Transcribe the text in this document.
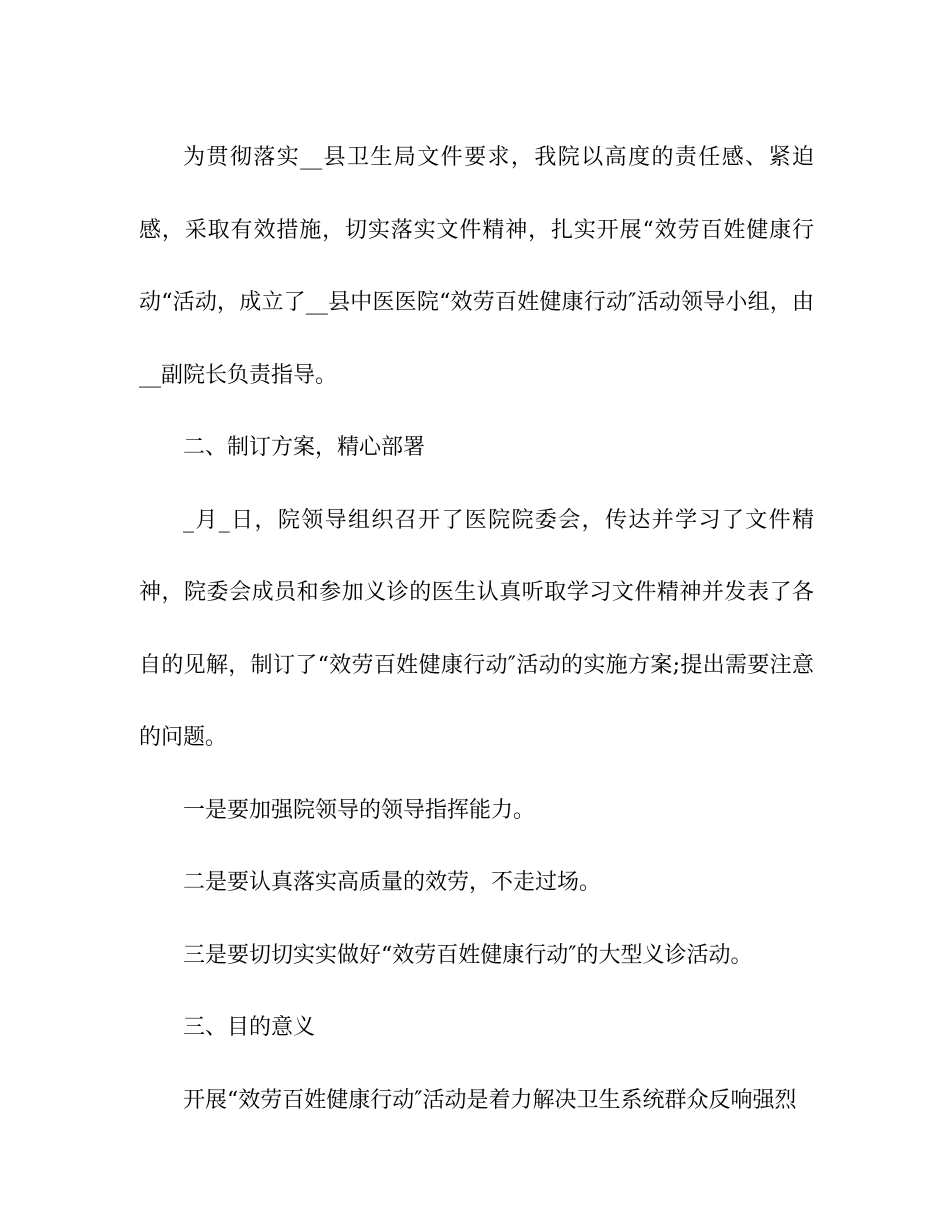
为贯彻落实__县卫生局文件要求，我院以高度的责任感、紧迫感，采取有效措施，切实落实文件精神，扎实开展“效劳百姓健康行动“活动，成立了__县中医医院“效劳百姓健康行动″活动领导小组，由__副院长负责指导。

二、制订方案，精心部署

_月_日，院领导组织召开了医院院委会，传达并学习了文件精神，院委会成员和参加义诊的医生认真听取学习文件精神并发表了各自的见解，制订了“效劳百姓健康行动″活动的实施方案;提出需要注意的问题。

一是要加强院领导的领导指挥能力。

二是要认真落实高质量的效劳，不走过场。

三是要切切实实做好“效劳百姓健康行动″的大型义诊活动。

三、目的意义

开展“效劳百姓健康行动″活动是着力解决卫生系统群众反响强烈
